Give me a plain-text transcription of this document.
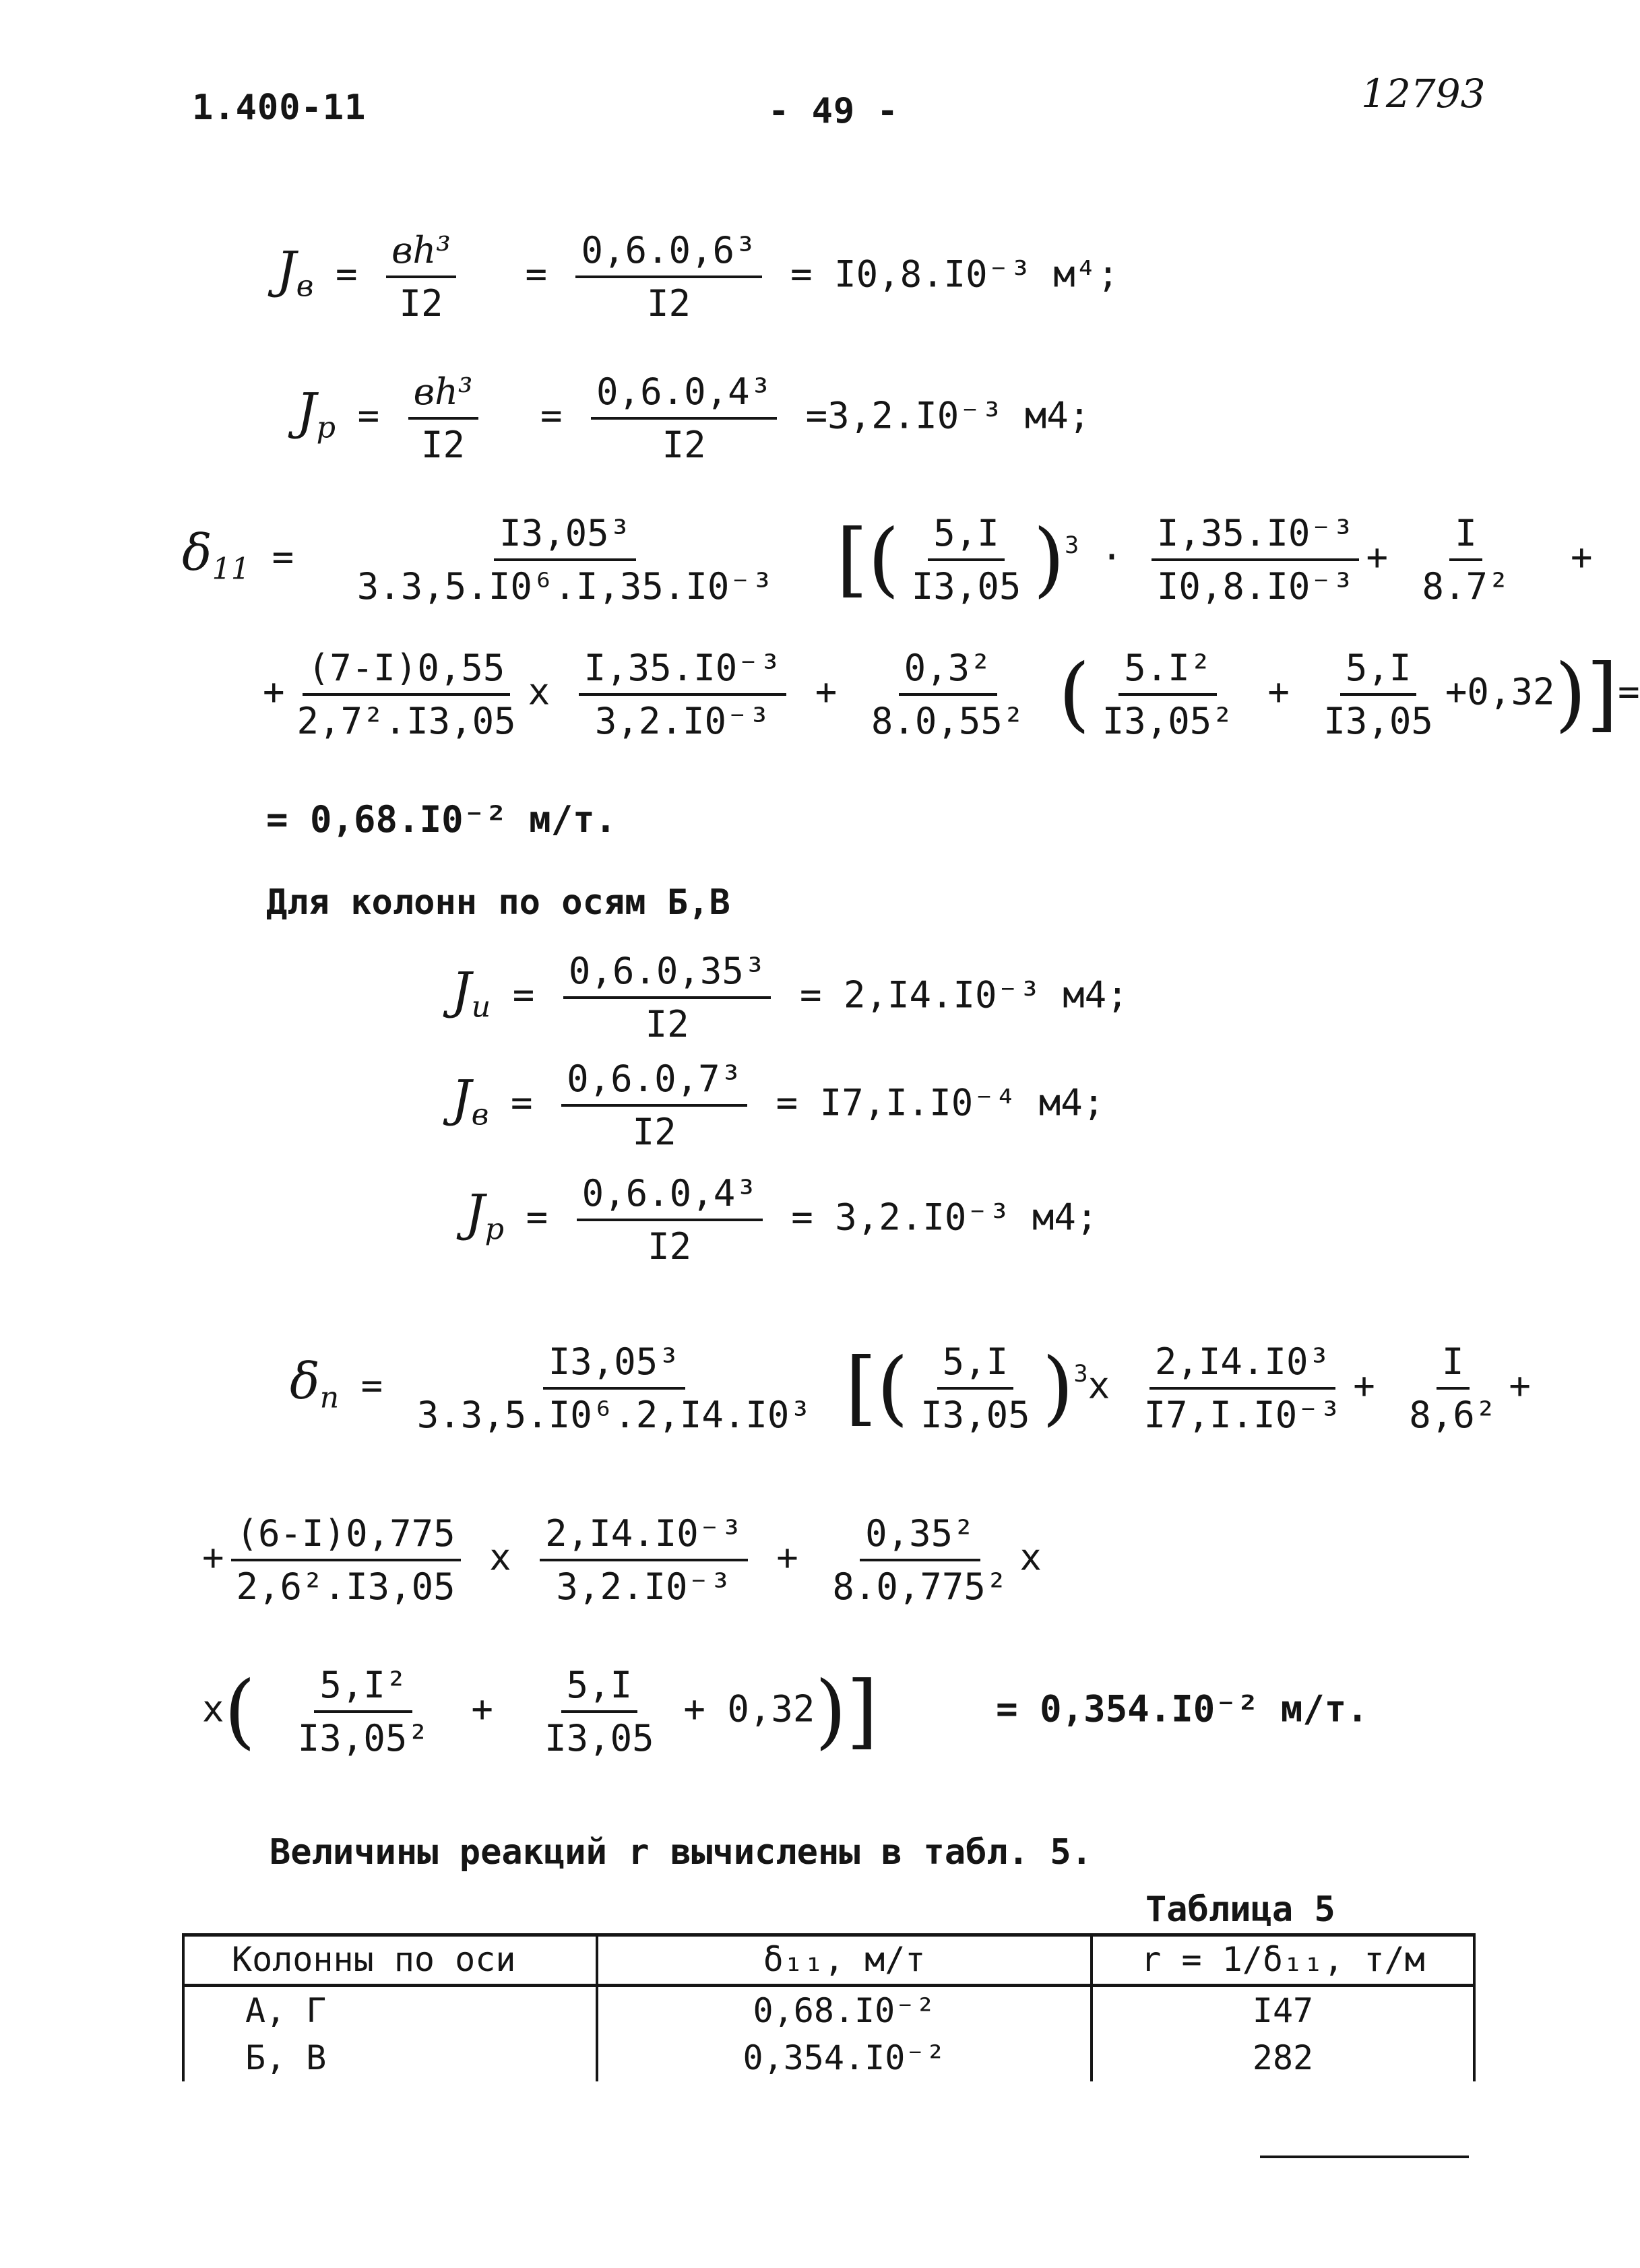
1.400-11	- 49 -	12793
$J_в = \frac{\text{вh³}}{I2} = \frac{\text{0,6.0,6³}}{I2} = I0,8.I0^{-3}$ м⁴;
$J_p = \frac{\text{вh³}}{I2} = \frac{\text{0,6.0,4³}}{I2} =3,2.I0^{-3}$ м4;
$\delta_{11} = \frac{\text{I3,05³}}{\text{3.3,5.I0⁶.I,35.I0⁻³}}$ [( $\frac{5,I}{I3,05} )^3 \cdot \frac{\text{I,35.I0⁻³}}{\text{I0,8.I0⁻³}} + \frac{I}{\text{8.7²}}$ +
+ $\frac{(7-I)0,55}{\text{2,7².I3,05}}$ x $\frac{\text{I,35.I0⁻³}}{\text{3,2.I0⁻³}} + \frac{\text{0,3²}}{\text{8.0,55²}}$ ( $\frac{\text{5.I²}}{\text{I3,05²}} + \frac{5,I}{I3,05} +0,32)]=$
= 0,68.I0⁻² м/т.
Для колонн по осям Б,В
$J_u = \frac{\text{0,6.0,35³}}{I2} = 2,I4.I0^{-3}$ м4;
$J_в = \frac{\text{0,6.0,7³}}{I2} = I7,I.I0^{-4}$ м4;
$J_p = \frac{\text{0,6.0,4³}}{I2} = 3,2.I0^{-3}$ м4;
$\delta_п = \frac{\text{I3,05³}}{\text{3.3,5.I0⁶.2,I4.I0³}}$ [( $\frac{5,I}{I3,05} )^3x \frac{\text{2,I4.I0³}}{\text{I7,I.I0⁻³}} + \frac{I}{\text{8,6²}}$ +
+ $\frac{(6-I)0,775}{\text{2,6².I3,05}}$ x $\frac{\text{2,I4.I0⁻³}}{\text{3,2.I0⁻³}} + \frac{\text{0,35²}}{\text{8.0,775²}}$ x
$x( \frac{\text{5,I²}}{\text{I3,05²}} + \frac{5,I}{I3,05} + 0,32)$]	= 0,354.I0⁻² м/т.
Величины реакций r вычислены в табл. 5.
Таблица 5
Колонны по оси	δ₁₁, м/т	r = 1/δ₁₁, т/м
А, Г	0,68.I0⁻²	I47
Б, В	0,354.I0⁻²	282
